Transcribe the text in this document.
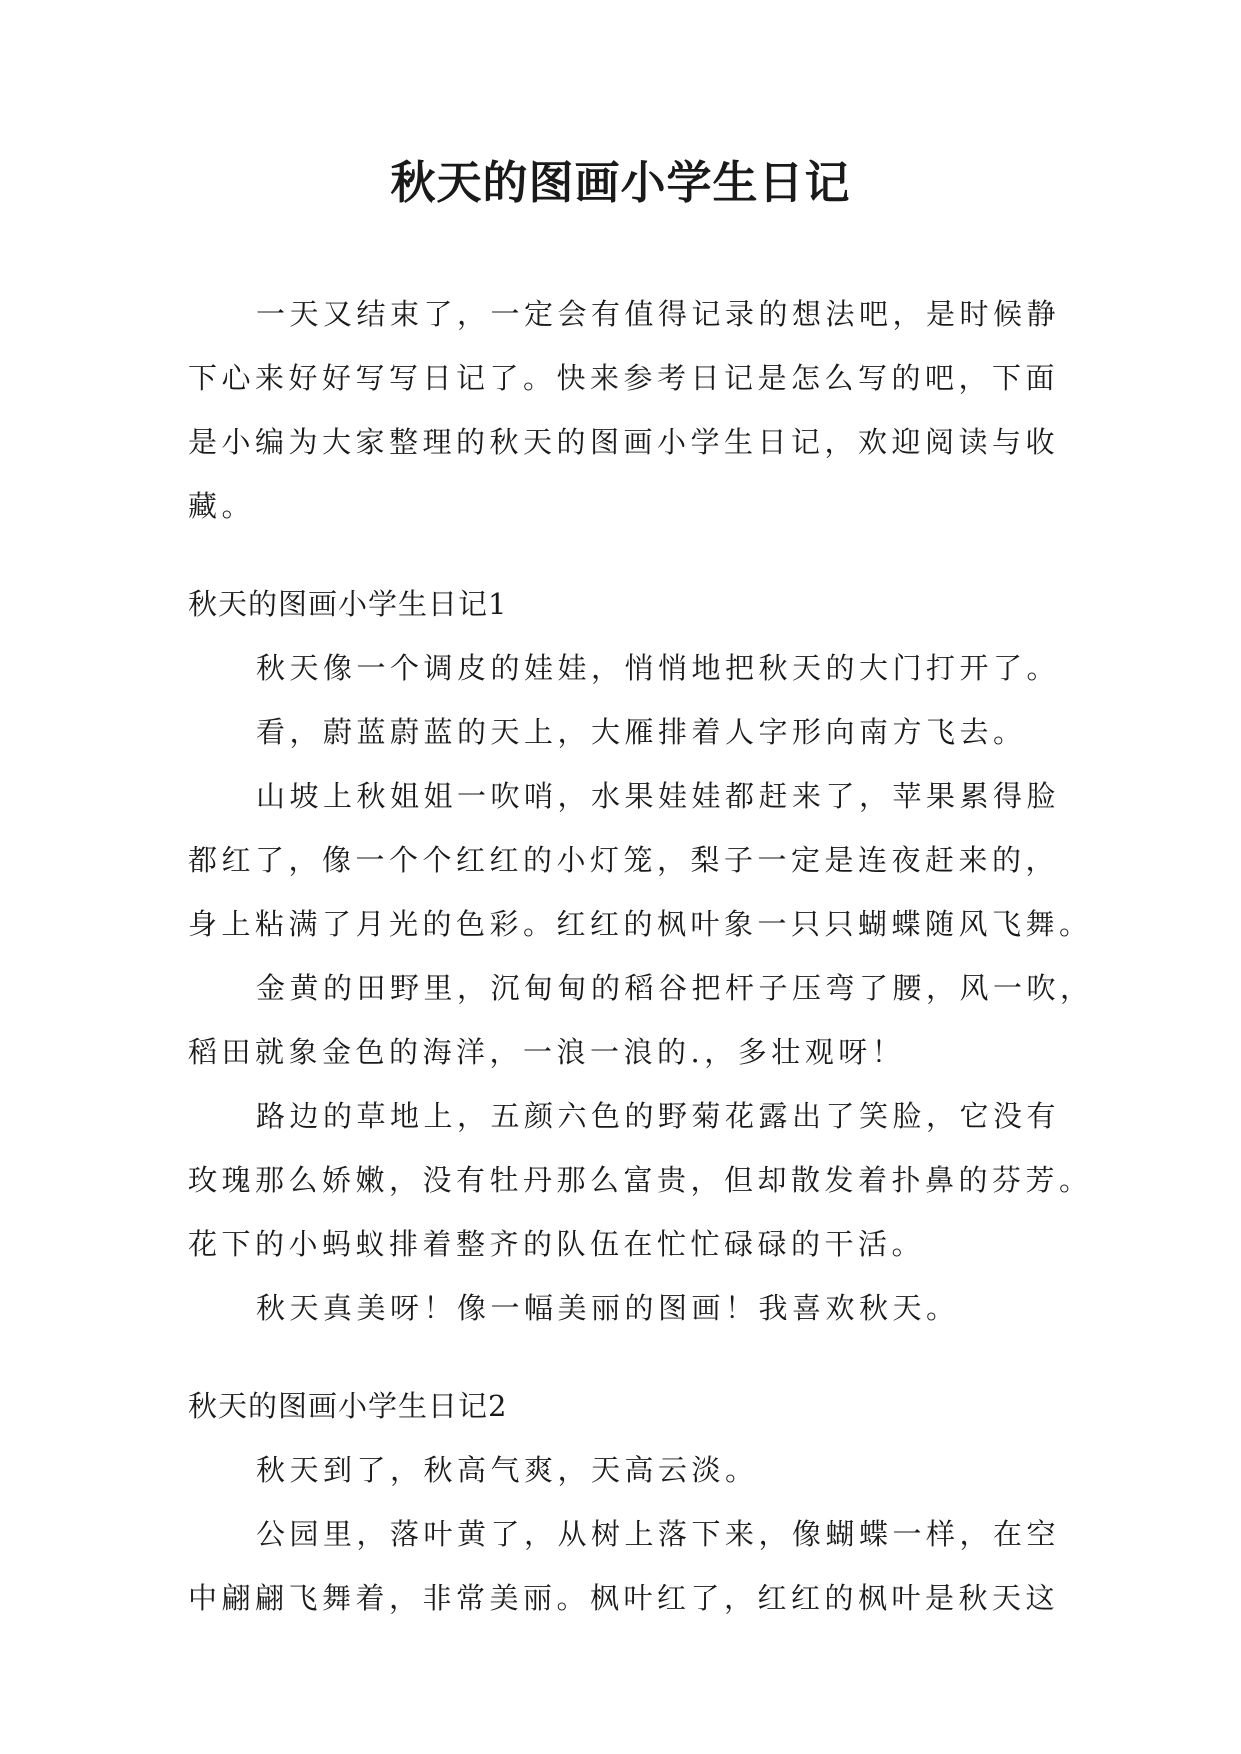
秋天的图画小学生日记
一天又结束了，一定会有值得记录的想法吧，是时候静
下心来好好写写日记了。快来参考日记是怎么写的吧，下面
是小编为大家整理的秋天的图画小学生日记，欢迎阅读与收
藏。
秋天的图画小学生日记1
秋天像一个调皮的娃娃，悄悄地把秋天的大门打开了。
看，蔚蓝蔚蓝的天上，大雁排着人字形向南方飞去。
山坡上秋姐姐一吹哨，水果娃娃都赶来了，苹果累得脸
都红了，像一个个红红的小灯笼，梨子一定是连夜赶来的，
身上粘满了月光的色彩。红红的枫叶象一只只蝴蝶随风飞舞。
金黄的田野里，沉甸甸的稻谷把杆子压弯了腰，风一吹，
稻田就象金色的海洋，一浪一浪的.，多壮观呀！
路边的草地上，五颜六色的野菊花露出了笑脸，它没有
玫瑰那么娇嫩，没有牡丹那么富贵，但却散发着扑鼻的芬芳。
花下的小蚂蚁排着整齐的队伍在忙忙碌碌的干活。
秋天真美呀！像一幅美丽的图画！我喜欢秋天。
秋天的图画小学生日记2
秋天到了，秋高气爽，天高云淡。
公园里，落叶黄了，从树上落下来，像蝴蝶一样，在空
中翩翩飞舞着，非常美丽。枫叶红了，红红的枫叶是秋天这
